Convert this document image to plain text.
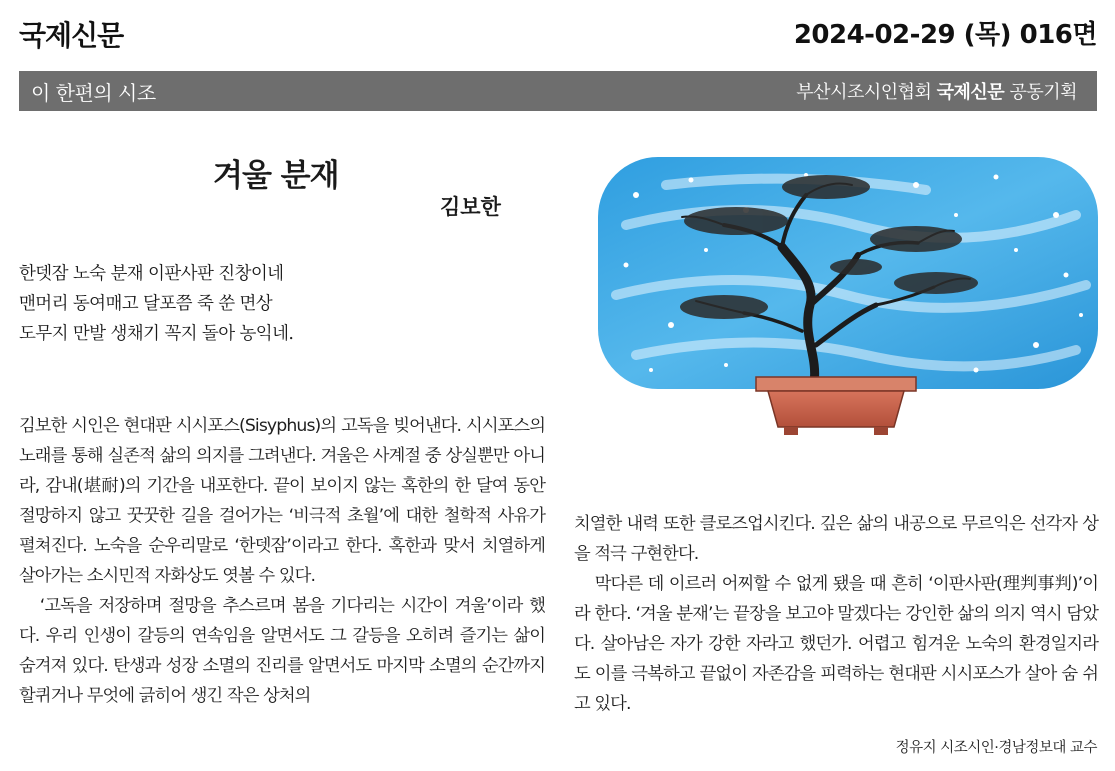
국제신문	2024-02-29 (목) 016면
이 한편의 시조	부산시조시인협회 국제신문 공동기획
겨울 분재
김보한
한뎃잠 노숙 분재 이판사판 진창이네
맨머리 동여매고 달포쯤 죽 쑨 면상
도무지 만발 생채기 꼭지 돌아 농익네.

김보한 시인은 현대판 시시포스(Sisyphus)의 고독을 빚어낸다. 시시포스의 노래를 통해 실존적 삶의 의지를 그려낸다. 겨울은 사계절 중 상실뿐만 아니라, 감내(堪耐)의 기간을 내포한다. 끝이 보이지 않는 혹한의 한 달여 동안 절망하지 않고 꿋꿋한 길을 걸어가는 ‘비극적 초월’에 대한 철학적 사유가 펼쳐진다. 노숙을 순우리말로 ‘한뎃잠’이라고 한다. 혹한과 맞서 치열하게 살아가는 소시민적 자화상도 엿볼 수 있다.

‘고독을 저장하며 절망을 추스르며 봄을 기다리는 시간이 겨울’이라 했다. 우리 인생이 갈등의 연속임을 알면서도 그 갈등을 오히려 즐기는 삶이 숨겨져 있다. 탄생과 성장 소멸의 진리를 알면서도 마지막 소멸의 순간까지 할퀴거나 무엇에 긁히어 생긴 작은 상처의

치열한 내력 또한 클로즈업시킨다. 깊은 삶의 내공으로 무르익은 선각자 상을 적극 구현한다.

막다른 데 이르러 어찌할 수 없게 됐을 때 흔히 ‘이판사판(理判事判)’이라 한다. ‘겨울 분재’는 끝장을 보고야 말겠다는 강인한 삶의 의지 역시 담았다. 살아남은 자가 강한 자라고 했던가. 어렵고 힘겨운 노숙의 환경일지라도 이를 극복하고 끝없이 자존감을 피력하는 현대판 시시포스가 살아 숨 쉬고 있다.

정유지 시조시인·경남정보대 교수
